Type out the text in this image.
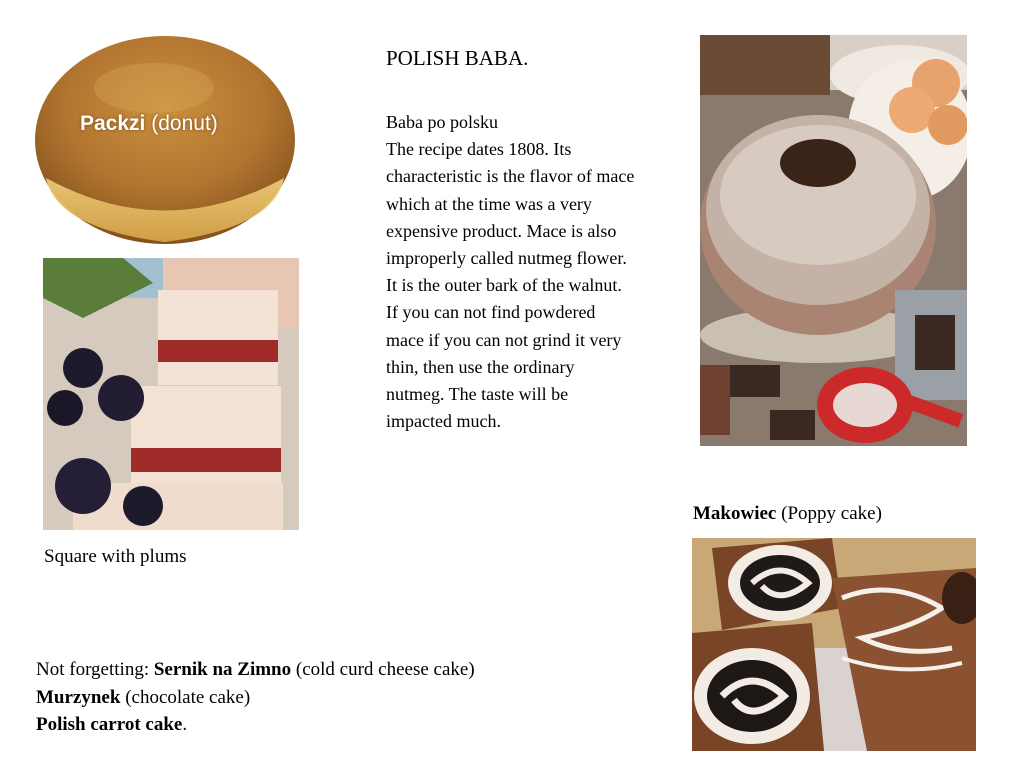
Packzi (donut)
POLISH BABA.

Baba po polsku

The recipe dates 1808. Its characteristic is the flavor of mace which at the time was a very expensive product. Mace is also improperly called nutmeg flower. It is the outer bark of the walnut. If you can not find powdered mace if you can not grind it very thin, then use the ordinary nutmeg. The taste will be impacted much.

Square with plums
Makowiec (Poppy cake)
Not forgetting: Sernik na Zimno (cold curd cheese cake)
Murzynek (chocolate cake)
Polish carrot cake.
